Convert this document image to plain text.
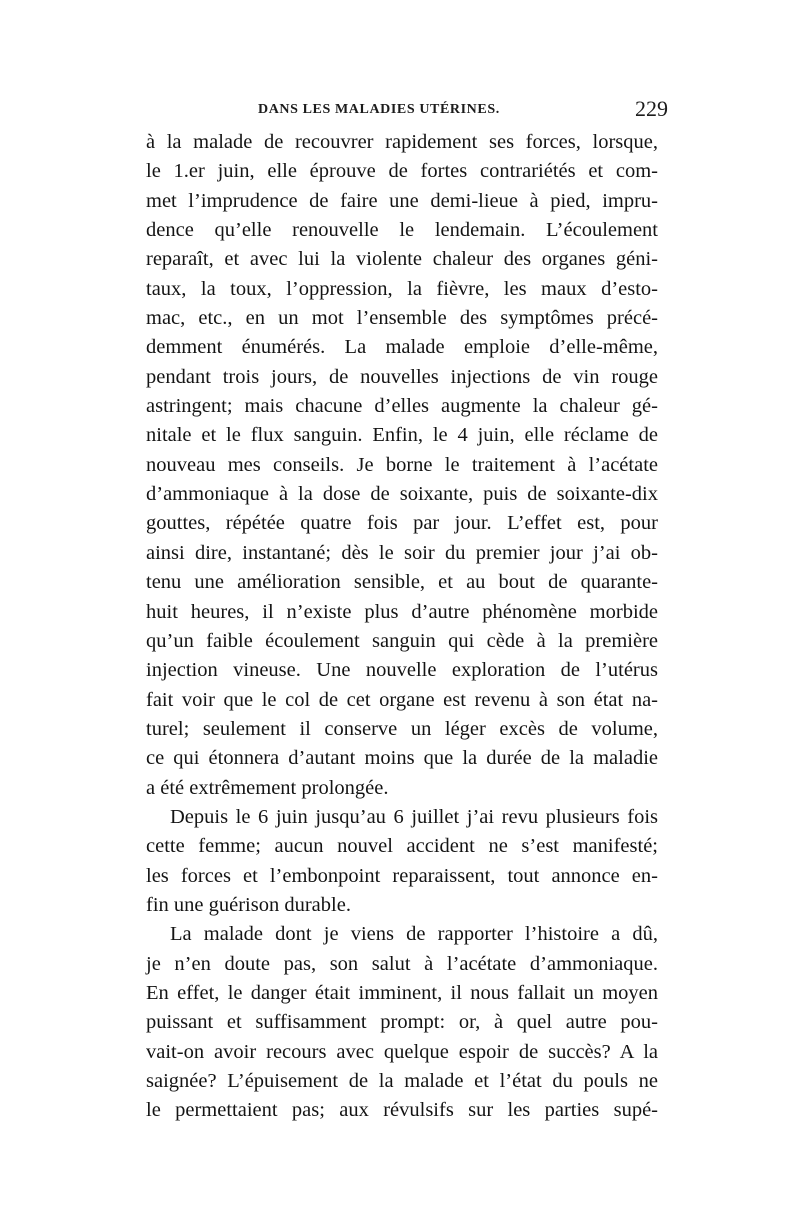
DANS LES MALADIES UTÉRINES.	229
à la malade de recouvrer rapidement ses forces, lorsque,
le 1.er juin, elle éprouve de fortes contrariétés et com-
met l’imprudence de faire une demi-lieue à pied, impru-
dence qu’elle renouvelle le lendemain. L’écoulement
reparaît, et avec lui la violente chaleur des organes géni-
taux, la toux, l’oppression, la fièvre, les maux d’esto-
mac, etc., en un mot l’ensemble des symptômes précé-
demment énumérés. La malade emploie d’elle-même,
pendant trois jours, de nouvelles injections de vin rouge
astringent; mais chacune d’elles augmente la chaleur gé-
nitale et le flux sanguin. Enfin, le 4 juin, elle réclame de
nouveau mes conseils. Je borne le traitement à l’acétate
d’ammoniaque à la dose de soixante, puis de soixante-dix
gouttes, répétée quatre fois par jour. L’effet est, pour
ainsi dire, instantané; dès le soir du premier jour j’ai ob-
tenu une amélioration sensible, et au bout de quarante-
huit heures, il n’existe plus d’autre phénomène morbide
qu’un faible écoulement sanguin qui cède à la première
injection vineuse. Une nouvelle exploration de l’utérus
fait voir que le col de cet organe est revenu à son état na-
turel; seulement il conserve un léger excès de volume,
ce qui étonnera d’autant moins que la durée de la maladie
a été extrêmement prolongée.
Depuis le 6 juin jusqu’au 6 juillet j’ai revu plusieurs fois
cette femme; aucun nouvel accident ne s’est manifesté;
les forces et l’embonpoint reparaissent, tout annonce en-
fin une guérison durable.
La malade dont je viens de rapporter l’histoire a dû,
je n’en doute pas, son salut à l’acétate d’ammoniaque.
En effet, le danger était imminent, il nous fallait un moyen
puissant et suffisamment prompt: or, à quel autre pou-
vait-on avoir recours avec quelque espoir de succès? A la
saignée? L’épuisement de la malade et l’état du pouls ne
le permettaient pas; aux révulsifs sur les parties supé-
